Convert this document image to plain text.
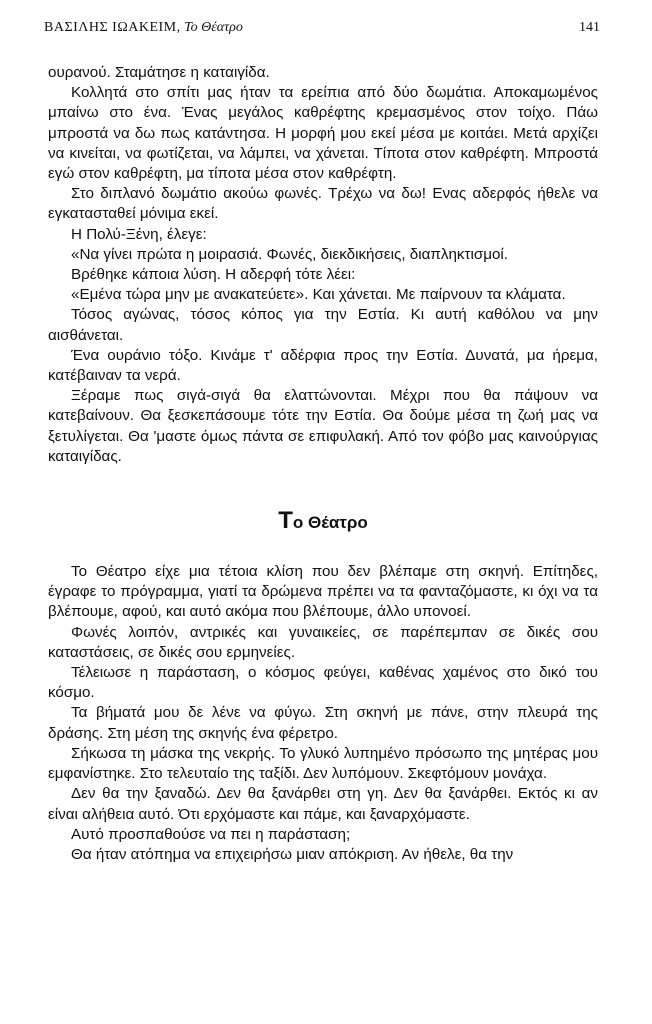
ΒΑΣΙΛΗΣ ΙΩΑΚΕΙΜ, Το Θέατρο	141

ουρανού. Σταμάτησε η καταιγίδα.

Κολλητά στο σπίτι μας ήταν τα ερείπια από δύο δωμάτια. Αποκαμωμένος μπαίνω στο ένα. Ένας μεγάλος καθρέφτης κρεμασμένος στον τοίχο. Πάω μπροστά να δω πως κατάντησα. Η μορφή μου εκεί μέσα με κοιτάει. Μετά αρχίζει να κινείται, να φωτίζεται, να λάμπει, να χάνεται. Τίποτα στον καθρέφτη. Μπροστά εγώ στον καθρέφτη, μα τίποτα μέσα στον καθρέφτη.

Στο διπλανό δωμάτιο ακούω φωνές. Τρέχω να δω! Ενας αδερφός ήθελε να εγκατασταθεί μόνιμα εκεί.

Η Πολύ-Ξένη, έλεγε:

«Να γίνει πρώτα η μοιρασιά. Φωνές, διεκδικήσεις, διαπληκτισμοί.

Βρέθηκε κάποια λύση. Η αδερφή τότε λέει:

«Εμένα τώρα μην με ανακατεύετε». Και χάνεται. Με παίρνουν τα κλάματα.

Τόσος αγώνας, τόσος κόπος για την Εστία. Κι αυτή καθόλου να μην αισθάνεται.

Ένα ουράνιο τόξο. Κινάμε τ' αδέρφια προς την Εστία. Δυνατά, μα ήρεμα, κατέβαιναν τα νερά.

Ξέραμε πως σιγά-σιγά θα ελαττώνονται. Μέχρι που θα πάψουν να κατεβαίνουν. Θα ξεσκεπάσουμε τότε την Εστία. Θα δούμε μέσα τη ζωή μας να ξετυλίγεται. Θα 'μαστε όμως πάντα σε επιφυλακή. Από τον φόβο μας καινούργιας καταιγίδας.

Το Θέατρο

Το Θέατρο είχε μια τέτοια κλίση που δεν βλέπαμε στη σκηνή. Επίτηδες, έγραφε το πρόγραμμα, γιατί τα δρώμενα πρέπει να τα φανταζόμαστε, κι όχι να τα βλέπουμε, αφού, και αυτό ακόμα που βλέπουμε, άλλο υπονοεί.

Φωνές λοιπόν, αντρικές και γυναικείες, σε παρέπεμπαν σε δικές σου καταστάσεις, σε δικές σου ερμηνείες.

Τέλειωσε η παράσταση, ο κόσμος φεύγει, καθένας χαμένος στο δικό του κόσμο.

Τα βήματά μου δε λένε να φύγω. Στη σκηνή με πάνε, στην πλευρά της δράσης. Στη μέση της σκηνής ένα φέρετρο.

Σήκωσα τη μάσκα της νεκρής. Το γλυκό λυπημένο πρόσωπο της μητέρας μου εμφανίστηκε. Στο τελευταίο της ταξίδι. Δεν λυπόμουν. Σκεφτόμουν μονάχα.

Δεν θα την ξαναδώ. Δεν θα ξανάρθει στη γη. Δεν θα ξανάρθει. Εκτός κι αν είναι αλήθεια αυτό. Ότι ερχόμαστε και πάμε, και ξαναρχόμαστε.

Αυτό προσπαθούσε να πει η παράσταση;

Θα ήταν ατόπημα να επιχειρήσω μιαν απόκριση. Αν ήθελε, θα την
